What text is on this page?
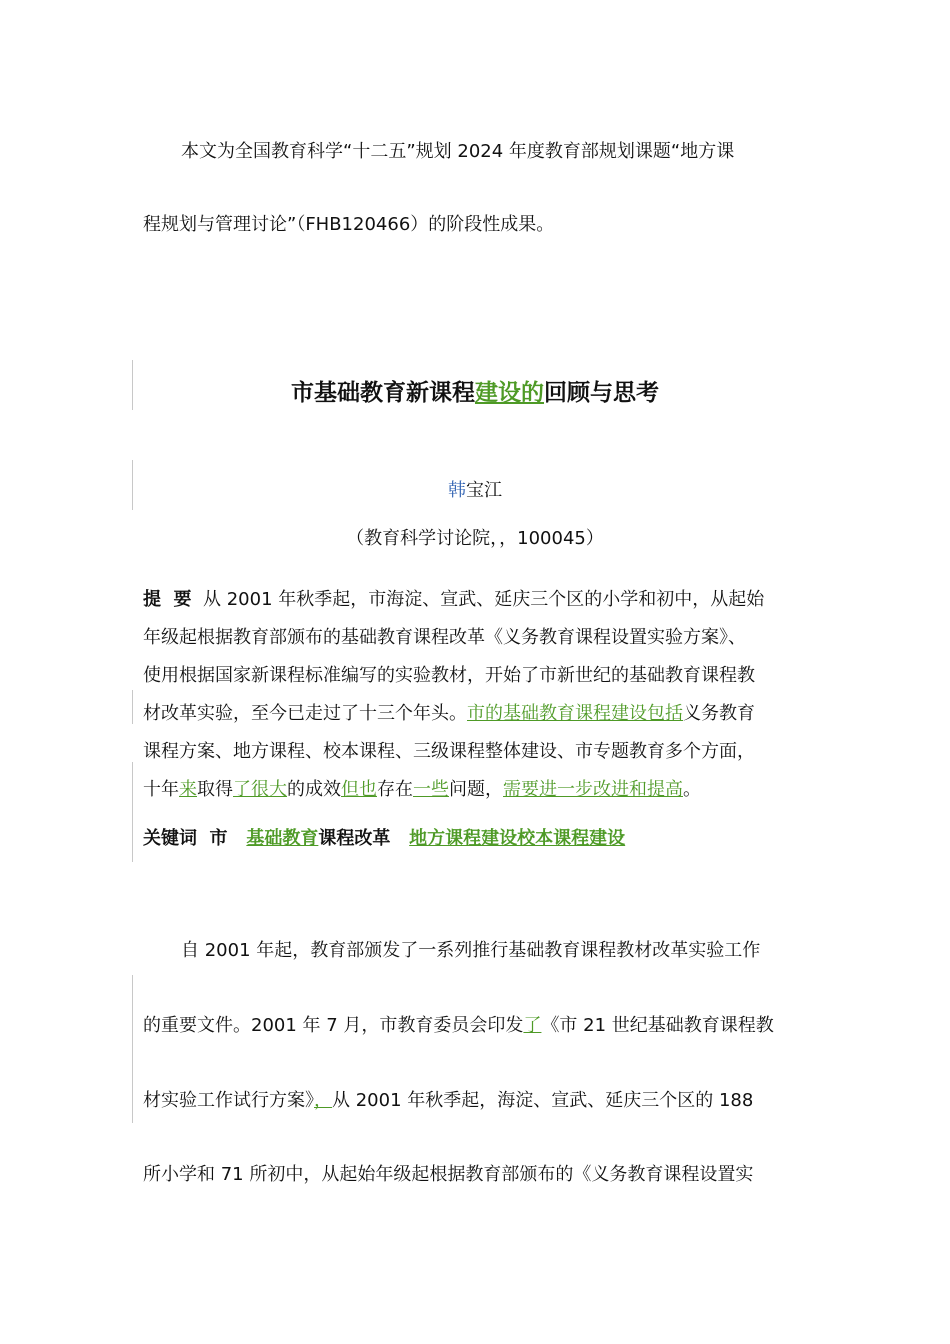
本文为全国教育科学“十二五”规划 2024 年度教育部规划课题“地方课
程规划与管理讨论”（FHB120466）的阶段性成果。
市基础教育新课程建设的回顾与思考
韩宝江
（教育科学讨论院，，100045）
提  要 从 2001 年秋季起，市海淀、宣武、延庆三个区的小学和初中，从起始
年级起根据教育部颁布的基础教育课程改革《义务教育课程设置实验方案》、
使用根据国家新课程标准编写的实验教材，开始了市新世纪的基础教育课程教
材改革实验，至今已走过了十三个年头。市的基础教育课程建设包括义务教育
课程方案、地方课程、校本课程、三级课程整体建设、市专题教育多个方面，
十年来取得了很大的成效但也存在一些问题，需要进一步改进和提高。
关键词 市 基础教育课程改革 地方课程建设校本课程建设
自 2001 年起，教育部颁发了一系列推行基础教育课程教材改革实验工作
的重要文件。2001 年 7 月，市教育委员会印发了《市 21 世纪基础教育课程教
材实验工作试行方案》，从 2001 年秋季起，海淀、宣武、延庆三个区的 188
所小学和 71 所初中，从起始年级起根据教育部颁布的《义务教育课程设置实
